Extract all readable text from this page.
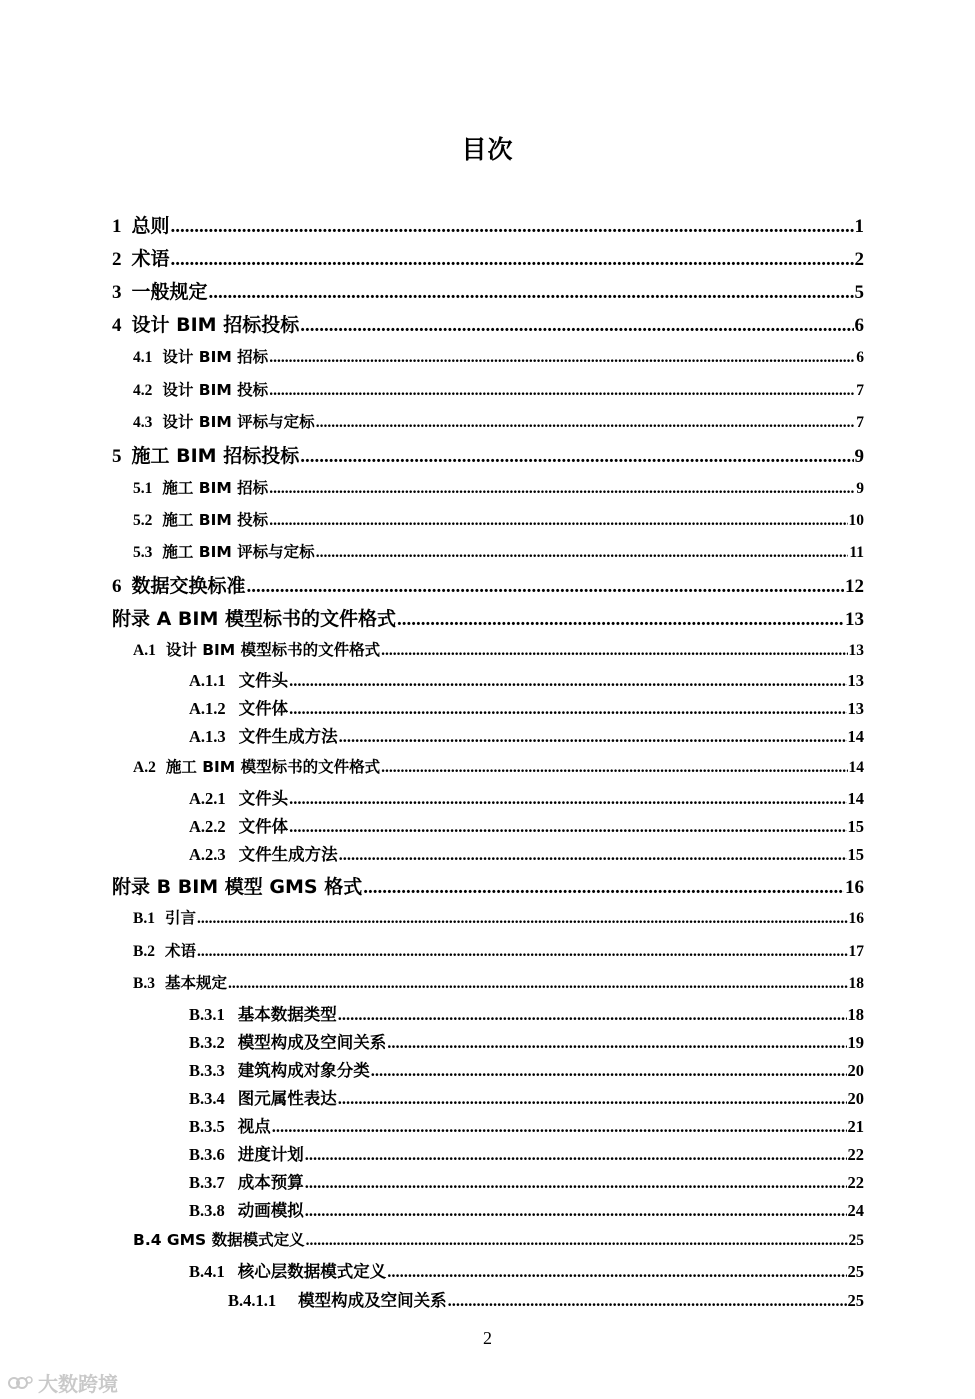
目次
1 总则 .....	1
2 术语 .....	2
3 一般规定 .....	5
4 设计 BIM 招标投标 .....	6
4.1 设计 BIM 招标 .....	6
4.2 设计 BIM 投标 .....	7
4.3 设计 BIM 评标与定标 .....	7
5 施工 BIM 招标投标 .....	9
5.1 施工 BIM 招标 .....	9
5.2 施工 BIM 投标 .....	10
5.3 施工 BIM 评标与定标 .....	11
6 数据交换标准 .....	12
附录 A BIM 模型标书的文件格式 .....	13
A.1 设计 BIM 模型标书的文件格式 .....	13
A.1.1 文件头 .....	13
A.1.2 文件体 .....	13
A.1.3 文件生成方法 .....	14
A.2 施工 BIM 模型标书的文件格式 .....	14
A.2.1 文件头 .....	14
A.2.2 文件体 .....	15
A.2.3 文件生成方法 .....	15
附录 B BIM 模型 GMS 格式 .....	16
B.1 引言 .....	16
B.2 术语 .....	17
B.3 基本规定 .....	18
B.3.1 基本数据类型 .....	18
B.3.2 模型构成及空间关系 .....	19
B.3.3 建筑构成对象分类 .....	20
B.3.4 图元属性表达 .....	20
B.3.5 视点 .....	21
B.3.6 进度计划 .....	22
B.3.7 成本预算 .....	22
B.3.8 动画模拟 .....	24
B.4 GMS 数据模式定义 .....	25
B.4.1 核心层数据模式定义 .....	25
B.4.1.1 模型构成及空间关系 .....	25
2
大数跨境
